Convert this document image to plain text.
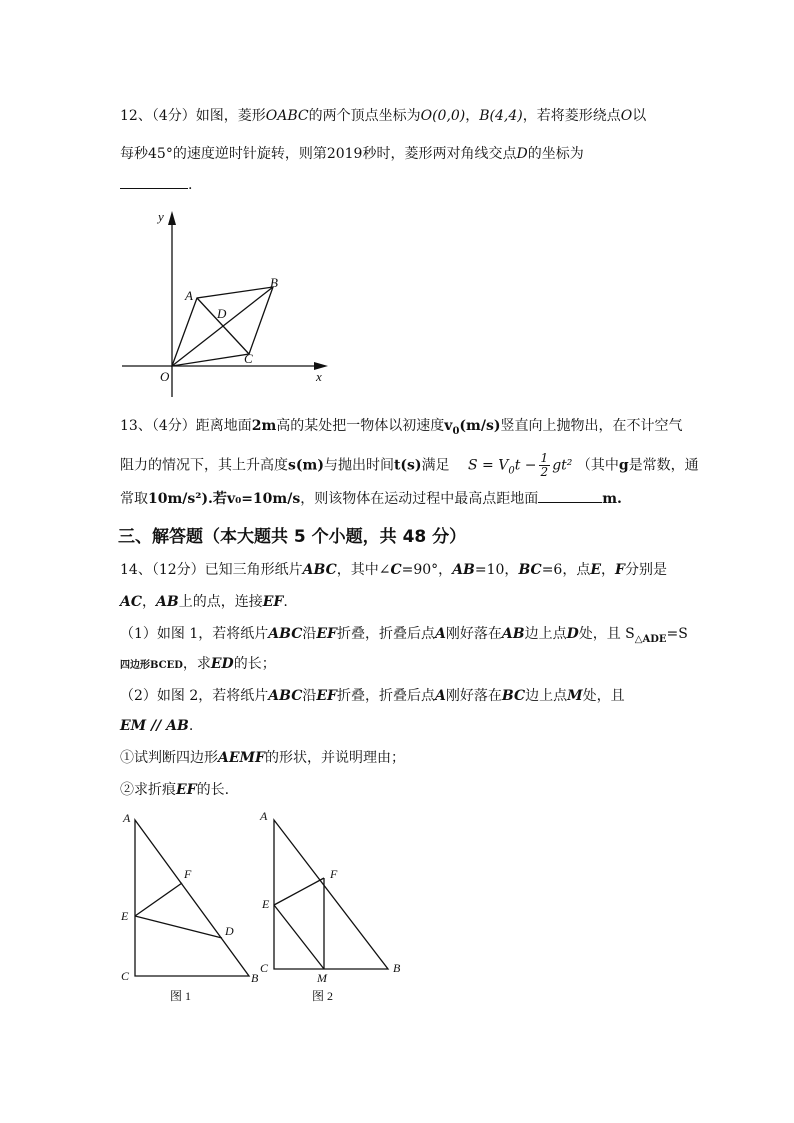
12、（4分）如图，菱形OABC的两个顶点坐标为O(0,0)，B(4,4)，若将菱形绕点O以
每秒45°的速度逆时针旋转，则第2019秒时，菱形两对角线交点D的坐标为
.
y
x
O
A
B
C
D
13、（4分）距离地面2m高的某处把一物体以初速度$v_0(m/s)$竖直向上抛物出，在不计空气
阻力的情况下，其上升高度s(m)与抛出时间t(s)满足 $S = V_0t - \frac{1}{2} gt^2$ （其中g是常数，通
常取10m/s²).若v₀=10m/s，则该物体在运动过程中最高点距地面	m.
三、解答题（本大题共 5 个小题，共 48 分）
14、（12分）已知三角形纸片ABC，其中∠C=90°，AB=10，BC=6，点E，F分别是
AC，AB上的点，连接EF.
（1）如图 1，若将纸片ABC沿EF折叠，折叠后点A刚好落在AB边上点D处，且 $S_{\triangle ADE}=S$
四边形BCED，求ED的长；
（2）如图 2，若将纸片ABC沿EF折叠，折叠后点A刚好落在BC边上点M处，且
EM // AB.
①试判断四边形AEMF的形状，并说明理由；
②求折痕EF的长.
A
C	B
E
F
D
图 1
A
C	B
E
F
M
图 2
